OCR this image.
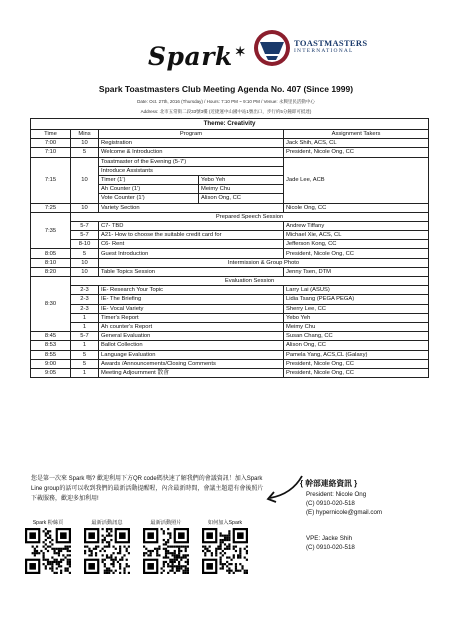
Spark ✶
TOASTMASTERS
INTERNATIONAL
Spark Toastmasters Club Meeting Agenda No. 407 (Since 1999)
Date: Oct. 27th, 2016 (Thursday) / Hours: 7:10 PM ~ 9:10 PM / Venue: 永興里民活動中心
Address: 北市五常街二段33號3樓 (近捷運中山國中站1號出口，步行約5分鐘即可抵達)
Theme: Creativity				
Time	Mins	Program		Assignment Takers
7:00	10	Registration		Jack Shih, ACS, CL
7:10	5	Welcome & Introduction		President, Nicole Ong, CC
7:15	10	Toastmaster of the Evening (5-7')		Jade Lee, ACB
		Introduce Assistants		
		Timer (1')	Yebo Yeh	
		Ah Counter (1')	Meimy Chu	
		Vote Counter (1')	Alison Ong, CC	
7:25	10	Variety Section		Nicole Ong, CC
7:35	Prepared Speech Session			
	5-7	C7- TBD		Andrew Tiffany
	5-7	A21- How to choose the suitable credit card for		Michael Xie, ACS, CL
	8-10	C6- Rent		Jefferson Kong, CC
8:05	5	Guest Introduction		President, Nicole Ong, CC
8:10	10	Intermission & Group Photo		
8:20	10	Table Topics Session		Jenny Tsen, DTM
8:30	Evaluation Session			
	2-3	IE- Research Your Topic		Larry Lai (ASUS)
	2-3	IE- The Briefing		Lidia Tsang (PEGA PEGA)
	2-3	IE- Vocal Variety		Sherry Lee, CC
	1	Timer's Report		Yebo Yeh
	1	Ah counter's Report		Meimy Chu
8:45	5-7	General Evaluation		Susan Chang, CC
8:53	1	Ballot Collection		Alison Ong, CC
8:55	5	Language Evaluation		Pamela Yang, ACS,CL (Galaxy)
9:00	5	Awards /Announcements/Closing Comments		President, Nicole Ong, CC
9:05	1	Meeting Adjournment 散會		President, Nicole Ong, CC
您是第一次來 Spark 嗎? 歡迎利用下方QR code碼快速了解我們的會議資訊！加入Spark Line group的話可以收到我們的最新活動提醒喔，內含最新時間，會議主題還有會後照片下載服務，歡迎多加利用!
{ 幹部連絡資訊 }
President: Nicole Ong
(C) 0910-020-518
(E) hypernicole@gmail.com
VPE: Jacke Shih
(C) 0910-020-518
Spark 粉絲頁	最新活動訊息	最新活動照片	如何加入Spark
